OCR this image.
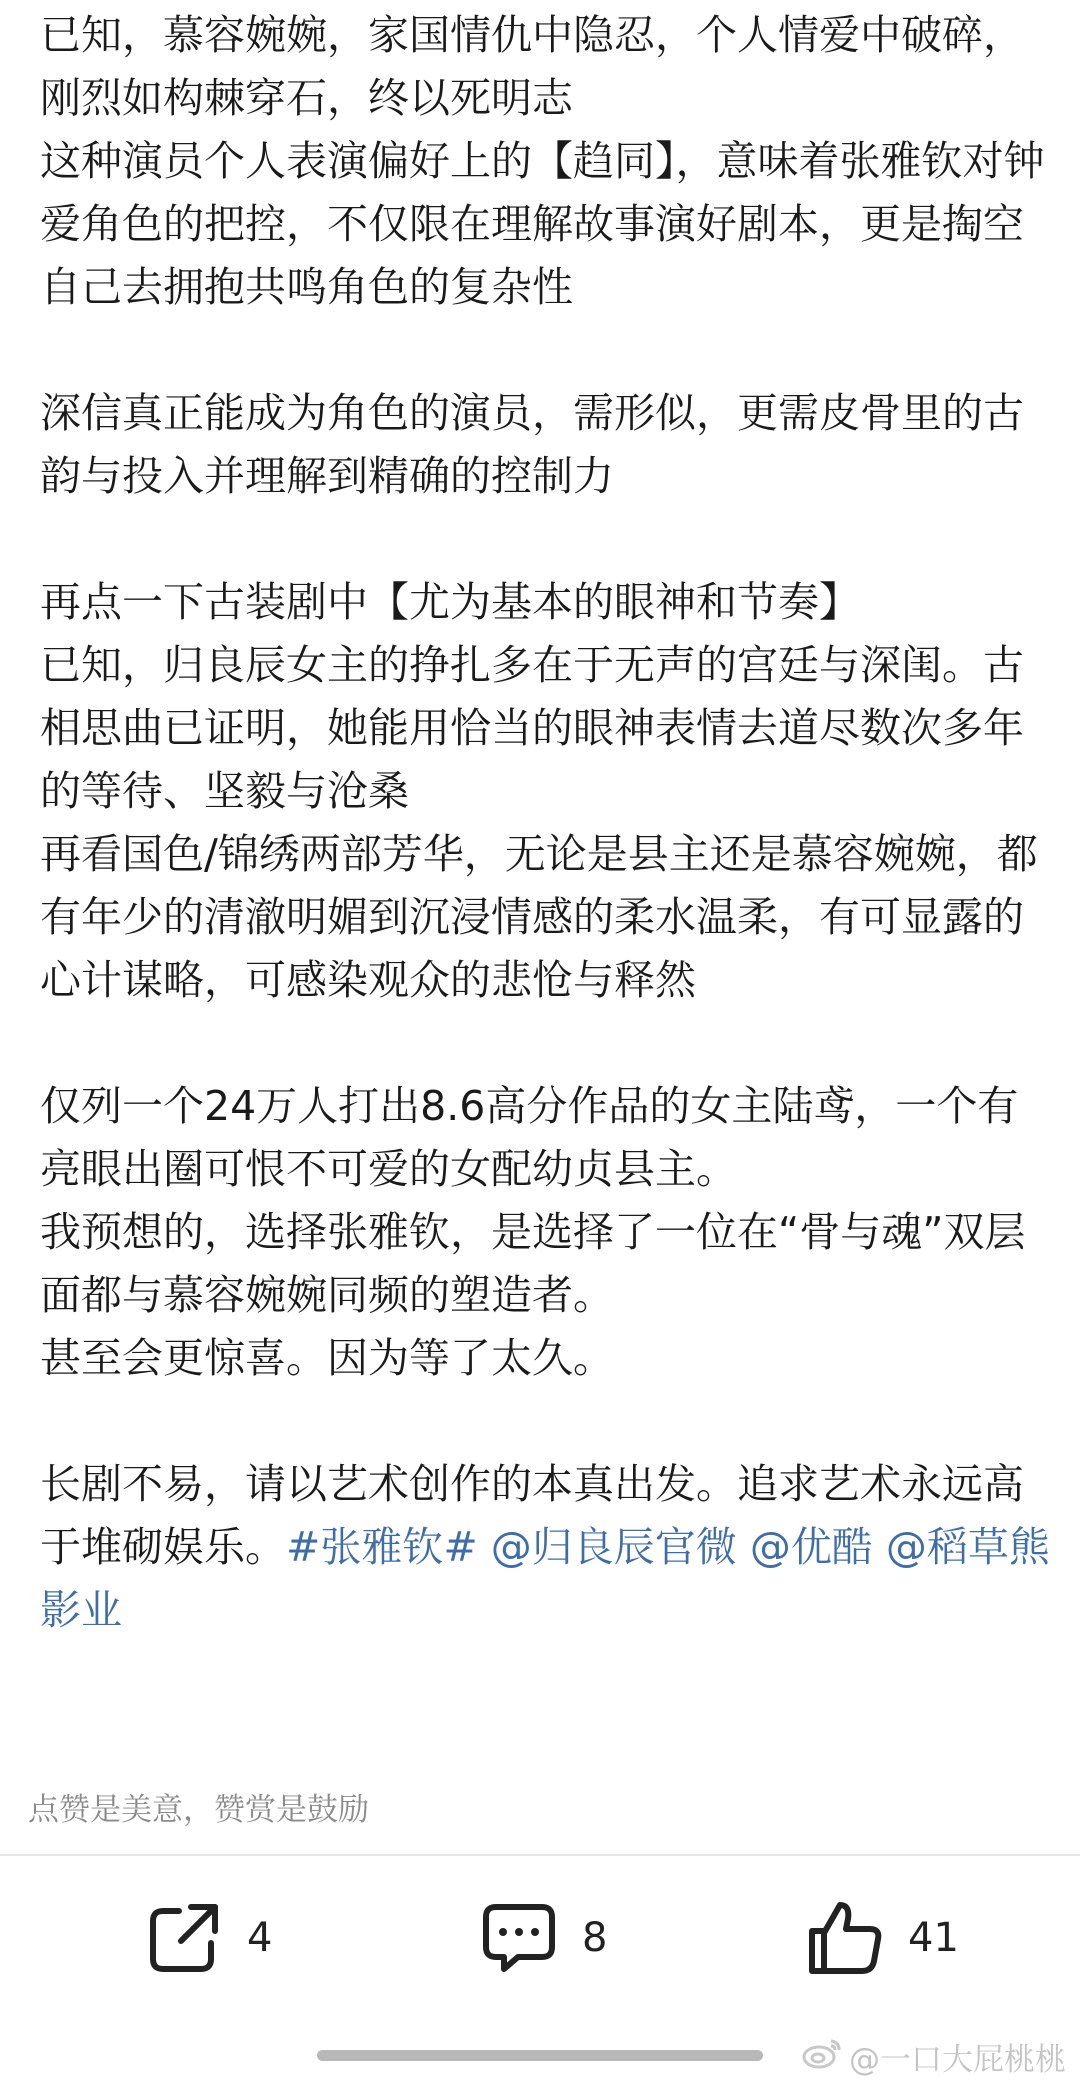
已知，慕容婉婉，家国情仇中隐忍，个人情爱中破碎，刚烈如构棘穿石，终以死明志

这种演员个人表演偏好上的【趋同】，意味着张雅钦对钟爱角色的把控，不仅限在理解故事演好剧本，更是掏空自己去拥抱共鸣角色的复杂性

深信真正能成为角色的演员，需形似，更需皮骨里的古韵与投入并理解到精确的控制力

再点一下古装剧中【尤为基本的眼神和节奏】

已知，归良辰女主的挣扎多在于无声的宫廷与深闺。古相思曲已证明，她能用恰当的眼神表情去道尽数次多年的等待、坚毅与沧桑

再看国色/锦绣两部芳华，无论是县主还是慕容婉婉，都有年少的清澈明媚到沉浸情感的柔水温柔，有可显露的心计谋略，可感染观众的悲怆与释然

仅列一个24万人打出8.6高分作品的女主陆鸢，一个有亮眼出圈可恨不可爱的女配幼贞县主。

我预想的，选择张雅钦，是选择了一位在“骨与魂”双层面都与慕容婉婉同频的塑造者。

甚至会更惊喜。因为等了太久。

长剧不易，请以艺术创作的本真出发。追求艺术永远高于堆砌娱乐。#张雅钦# @归良辰官微 @优酷 @稻草熊影业

点赞是美意，赞赏是鼓励
4	8	41
@一口大屁桃桃
